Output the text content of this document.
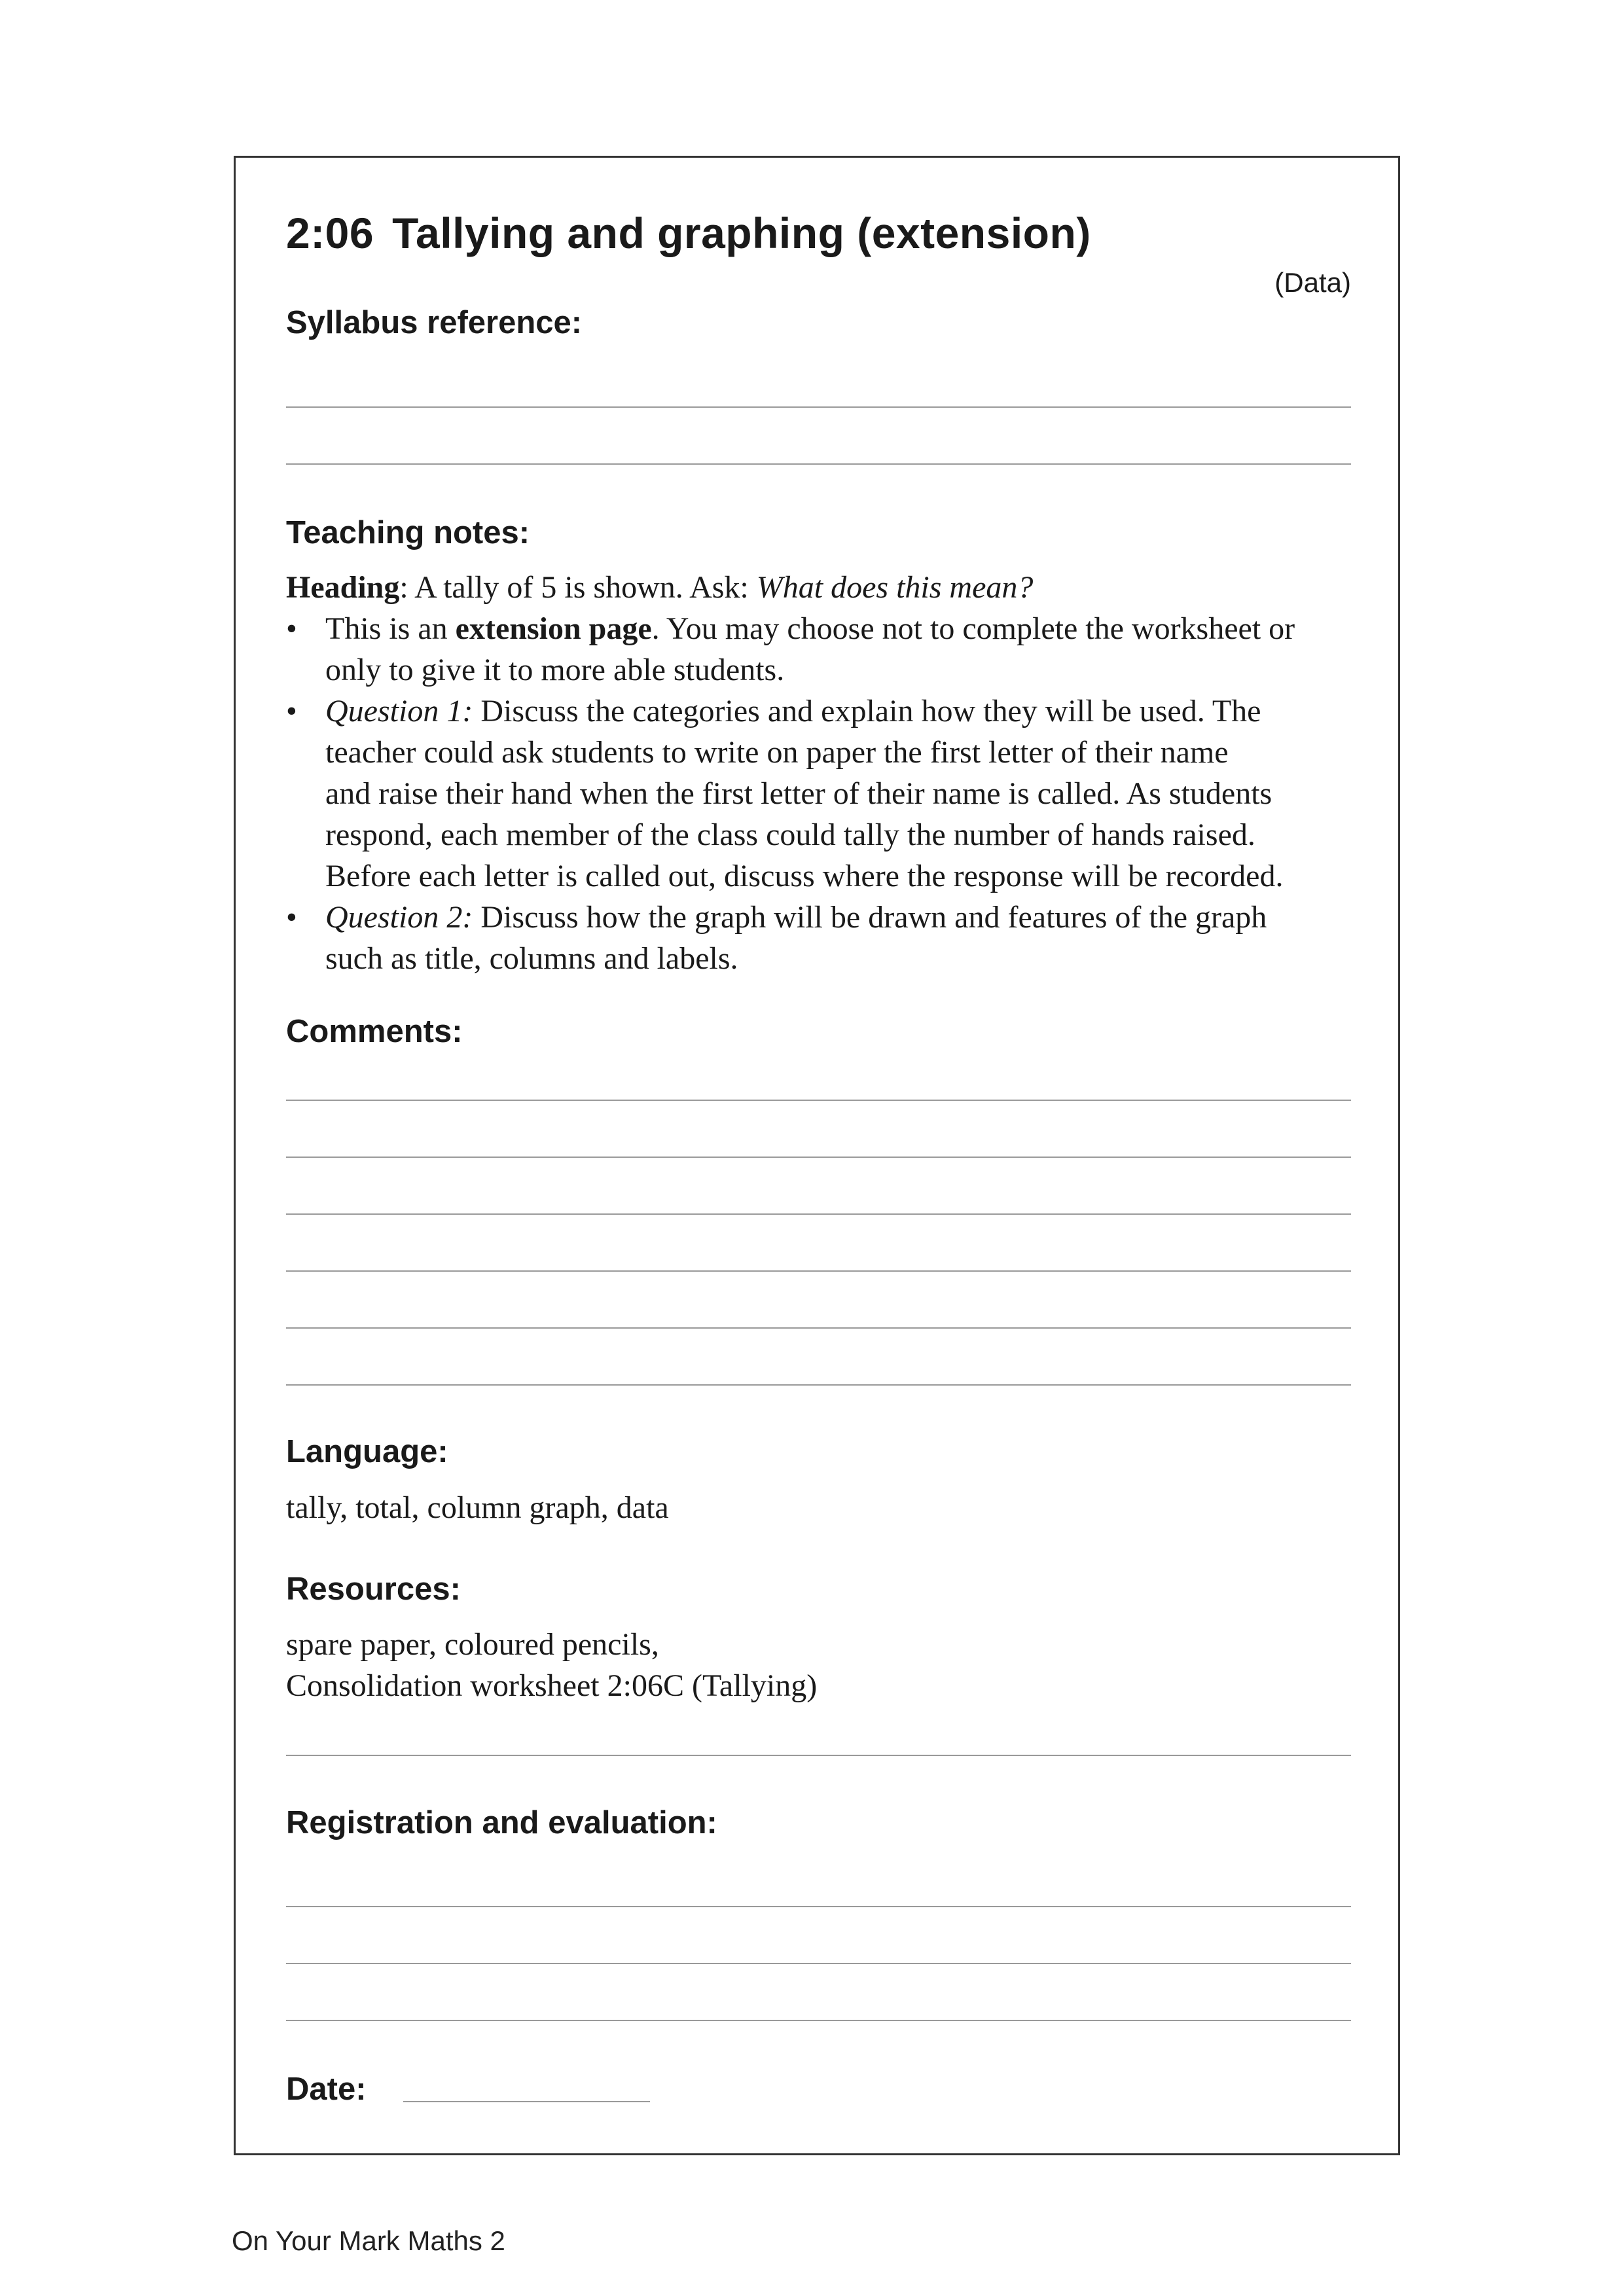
2:06 Tallying and graphing (extension)
(Data)
Syllabus reference:
Teaching notes:
Heading: A tally of 5 is shown. Ask: What does this mean?
• This is an extension page. You may choose not to complete the worksheet or
only to give it to more able students.
• Question 1: Discuss the categories and explain how they will be used. The
teacher could ask students to write on paper the first letter of their name
and raise their hand when the first letter of their name is called. As students
respond, each member of the class could tally the number of hands raised.
Before each letter is called out, discuss where the response will be recorded.
• Question 2: Discuss how the graph will be drawn and features of the graph
such as title, columns and labels.
Comments:
Language:
tally, total, column graph, data
Resources:
spare paper, coloured pencils,
Consolidation worksheet 2:06C (Tallying)
Registration and evaluation:
Date:
On Your Mark Maths 2
